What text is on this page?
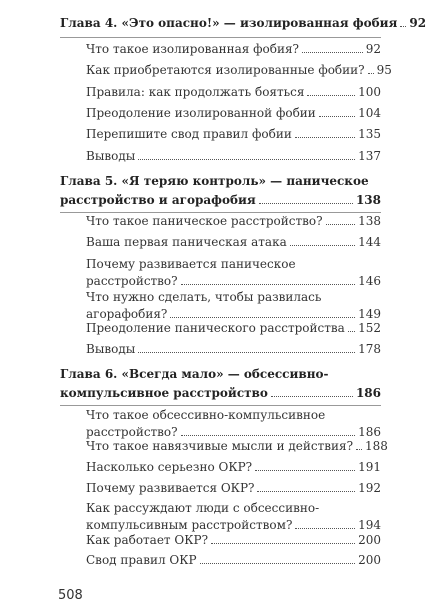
Глава 4. «Это опасно!» — изолированная фобия 92
Что такое изолированная фобия?	92
Как приобретаются изолированные фобии? 95
Правила: как продолжать бояться	100
Преодоление изолированной фобии	104
Перепишите свод правил фобии	135
Выводы	137
Глава 5. «Я теряю контроль» — паническое
расстройство и агорафобия	138
Что такое паническое расстройство?	138
Ваша первая паническая атака	144
Почему развивается паническое
расстройство?	146
Что нужно сделать, чтобы развилась
агорафобия?	149
Преодоление панического расстройства 152
Выводы	178
Глава 6. «Всегда мало» — обсессивно-
компульсивное расстройство	186
Что такое обсессивно-компульсивное
расстройство?	186
Что такое навязчивые мысли и действия? 188
Насколько серьезно ОКР?	191
Почему развивается ОКР?	192
Как рассуждают люди с обсессивно-
компульсивным расстройством?	194
Как работает ОКР?	200
Свод правил ОКР	200
508
